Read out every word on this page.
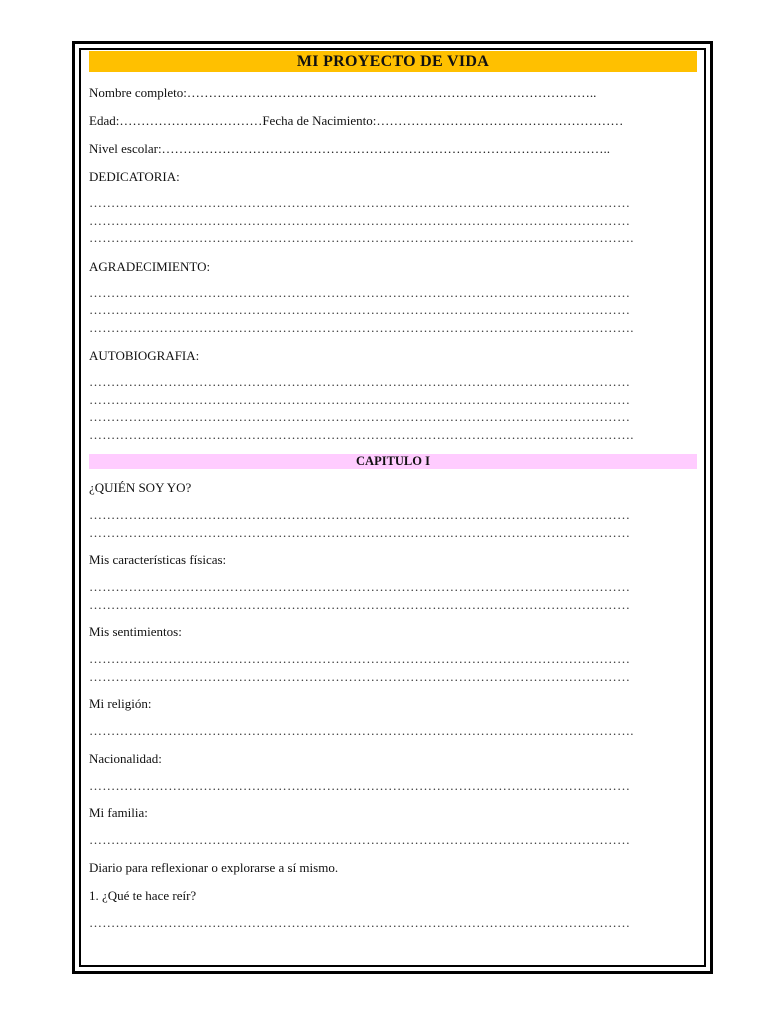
MI PROYECTO DE VIDA
Nombre completo:…………………………………………………………………………………..
Edad:……………………………Fecha de Nacimiento:…………………………………………………
Nivel escolar:…………………………………………………………………………………………..
DEDICATORIA:
……………………………………………………………………………………………………………
……………………………………………………………………………………………………………
…………………………………………………………………………………………………………….
AGRADECIMIENTO:
……………………………………………………………………………………………………………
……………………………………………………………………………………………………………
…………………………………………………………………………………………………………….
AUTOBIOGRAFIA:
……………………………………………………………………………………………………………
……………………………………………………………………………………………………………
……………………………………………………………………………………………………………
…………………………………………………………………………………………………………….
CAPITULO I
¿QUIÉN SOY YO?
……………………………………………………………………………………………………………
……………………………………………………………………………………………………………
Mis características físicas:
……………………………………………………………………………………………………………
……………………………………………………………………………………………………………
Mis sentimientos:
……………………………………………………………………………………………………………
……………………………………………………………………………………………………………
Mi religión:
…………………………………………………………………………………………………………….
Nacionalidad:
……………………………………………………………………………………………………………
Mi familia:
……………………………………………………………………………………………………………
Diario para reflexionar o explorarse a sí mismo.
1. ¿Qué te hace reír?
……………………………………………………………………………………………………………
